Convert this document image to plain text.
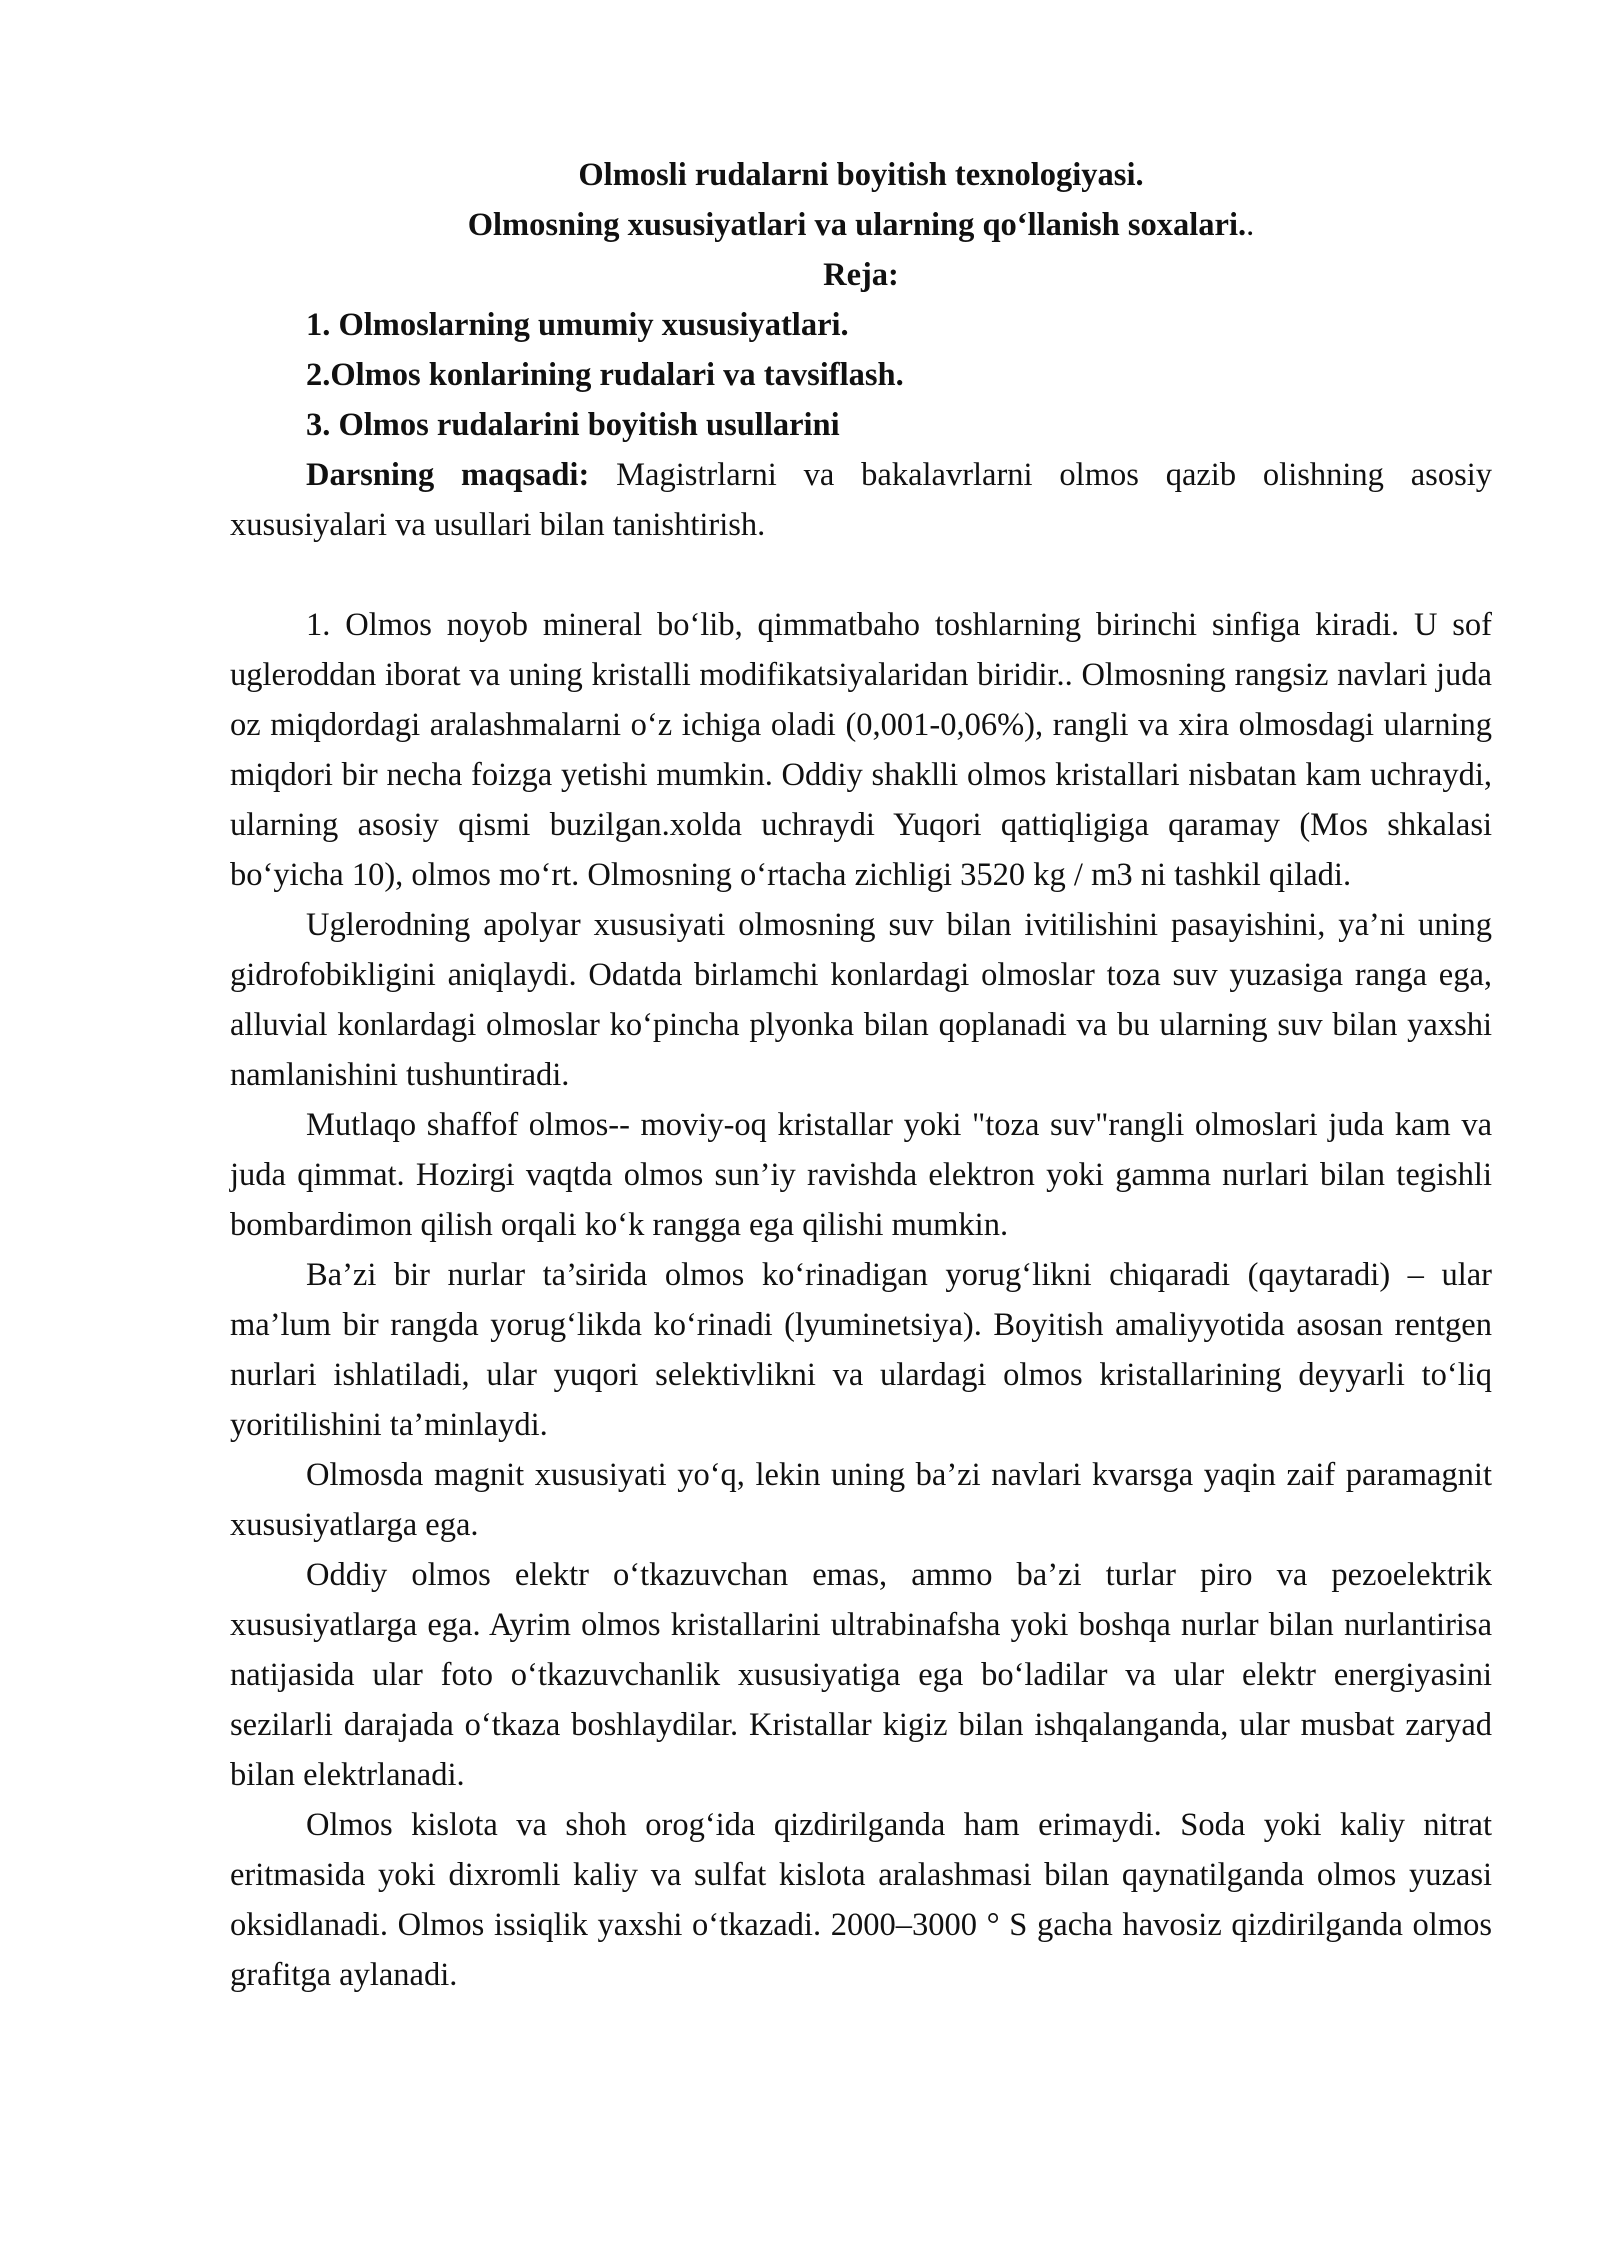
Olmosli rudalarni boyitish texnologiyasi.

Olmosning xususiyatlari va ularning qo‘llanish soxalari..

Reja:

1. Olmoslarning umumiy xususiyatlari.

2.Olmos konlarining rudalari va tavsiflash.

3. Olmos rudalarini boyitish usullarini

Darsning maqsadi: Magistrlarni va bakalavrlarni olmos qazib olishning asosiy xususiyalari va usullari bilan tanishtirish.

1. Olmos noyob mineral bo‘lib, qimmatbaho toshlarning birinchi sinfiga kiradi. U sof ugleroddan iborat va uning kristalli modifikatsiyalaridan biridir.. Olmosning rangsiz navlari juda oz miqdordagi aralashmalarni o‘z ichiga oladi (0,001-0,06%), rangli va xira olmosdagi ularning miqdori bir necha foizga yetishi mumkin. Oddiy shaklli olmos kristallari nisbatan kam uchraydi, ularning asosiy qismi buzilgan.xolda uchraydi Yuqori qattiqligiga qaramay (Mos shkalasi bo‘yicha 10), olmos mo‘rt. Olmosning o‘rtacha zichligi 3520 kg / m3 ni tashkil qiladi.

Uglerodning apolyar xususiyati olmosning suv bilan ivitilishini pasayishini, ya’ni uning gidrofobikligini aniqlaydi. Odatda birlamchi konlardagi olmoslar toza suv yuzasiga ranga ega, alluvial konlardagi olmoslar ko‘pincha plyonka bilan qoplanadi va bu ularning suv bilan yaxshi namlanishini tushuntiradi.

Mutlaqo shaffof olmos-- moviy-oq kristallar yoki "toza suv"rangli olmoslari juda kam va juda qimmat. Hozirgi vaqtda olmos sun’iy ravishda elektron yoki gamma nurlari bilan tegishli bombardimon qilish orqali ko‘k rangga ega qilishi mumkin.

Ba’zi bir nurlar ta’sirida olmos ko‘rinadigan yorug‘likni chiqaradi (qaytaradi) – ular ma’lum bir rangda yorug‘likda ko‘rinadi (lyuminetsiya). Boyitish amaliyyotida asosan rentgen nurlari ishlatiladi, ular yuqori selektivlikni va ulardagi olmos kristallarining deyyarli to‘liq yoritilishini ta’minlaydi.

Olmosda magnit xususiyati yo‘q, lekin uning ba’zi navlari kvarsga yaqin zaif paramagnit xususiyatlarga ega.

Oddiy olmos elektr o‘tkazuvchan emas, ammo ba’zi turlar piro va pezoelektrik xususiyatlarga ega. Ayrim olmos kristallarini ultrabinafsha yoki boshqa nurlar bilan nurlantirisa natijasida ular foto o‘tkazuvchanlik xususiyatiga ega bo‘ladilar va ular elektr energiyasini sezilarli darajada o‘tkaza boshlaydilar. Kristallar kigiz bilan ishqalanganda, ular musbat zaryad bilan elektrlanadi.

Olmos kislota va shoh orog‘ida qizdirilganda ham erimaydi. Soda yoki kaliy nitrat eritmasida yoki dixromli kaliy va sulfat kislota aralashmasi bilan qaynatilganda olmos yuzasi oksidlanadi. Olmos issiqlik yaxshi o‘tkazadi. 2000–3000 ° S gacha havosiz qizdirilganda olmos grafitga aylanadi.
